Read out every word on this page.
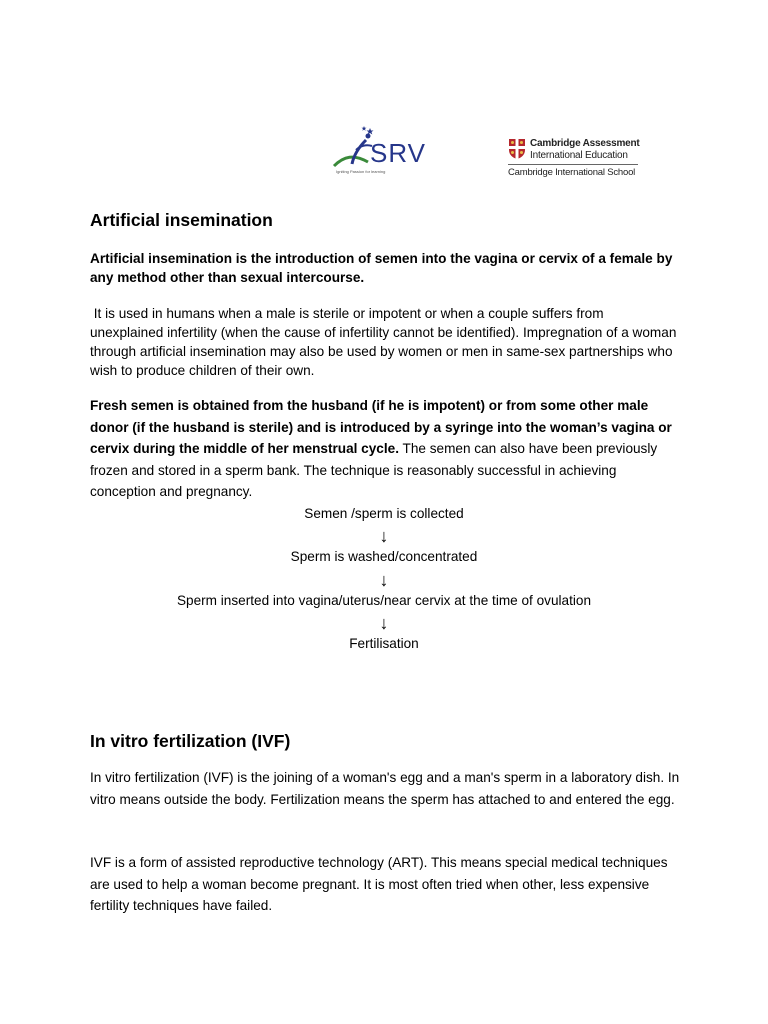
SRV
Igniting Passion for learning
Cambridge Assessment
International Education
Cambridge International School
Artificial insemination
Artificial insemination is the introduction of semen into the vagina or cervix of a female by any method other than sexual intercourse.
It is used in humans when a male is sterile or impotent or when a couple suffers from unexplained infertility (when the cause of infertility cannot be identified). Impregnation of a woman through artificial insemination may also be used by women or men in same-sex partnerships who wish to produce children of their own.
Fresh semen is obtained from the husband (if he is impotent) or from some other male donor (if the husband is sterile) and is introduced by a syringe into the woman’s vagina or cervix during the middle of her menstrual cycle. The semen can also have been previously frozen and stored in a sperm bank. The technique is reasonably successful in achieving conception and pregnancy.
Semen /sperm is collected
↓
Sperm is washed/concentrated
↓
Sperm inserted into vagina/uterus/near cervix at the time of ovulation
↓
Fertilisation
In vitro fertilization (IVF)
In vitro fertilization (IVF) is the joining of a woman's egg and a man's sperm in a laboratory dish. In vitro means outside the body. Fertilization means the sperm has attached to and entered the egg.
IVF is a form of assisted reproductive technology (ART). This means special medical techniques are used to help a woman become pregnant. It is most often tried when other, less expensive fertility techniques have failed.
